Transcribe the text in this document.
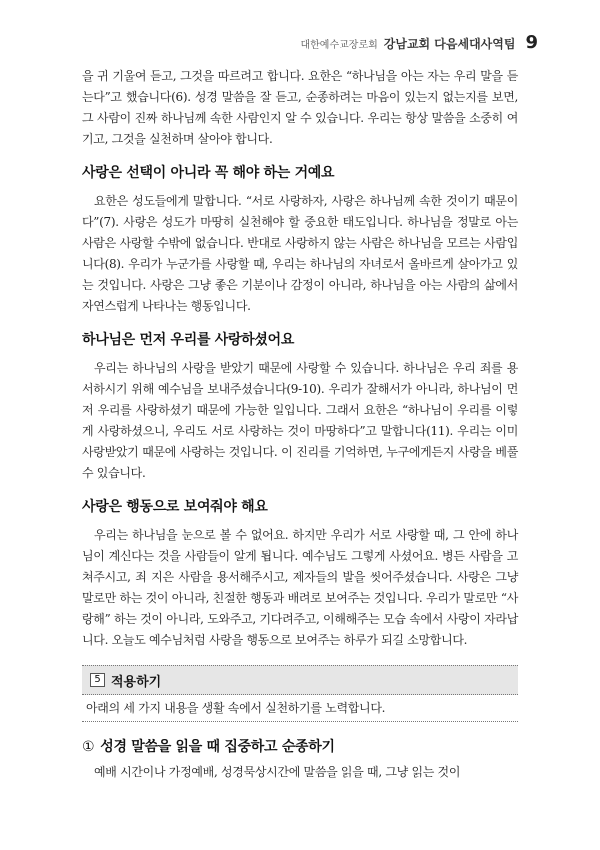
대한예수교장로회 강남교회 다음세대사역팀 9

을 귀 기울여 듣고, 그것을 따르려고 합니다. 요한은 “하나님을 아는 자는 우리 말을 듣는다”고 했습니다(6). 성경 말씀을 잘 듣고, 순종하려는 마음이 있는지 없는지를 보면, 그 사람이 진짜 하나님께 속한 사람인지 알 수 있습니다. 우리는 항상 말씀을 소중히 여기고, 그것을 실천하며 살아야 합니다.

사랑은 선택이 아니라 꼭 해야 하는 거예요

요한은 성도들에게 말합니다. “서로 사랑하자, 사랑은 하나님께 속한 것이기 때문이다”(7). 사랑은 성도가 마땅히 실천해야 할 중요한 태도입니다. 하나님을 정말로 아는 사람은 사랑할 수밖에 없습니다. 반대로 사랑하지 않는 사람은 하나님을 모르는 사람입니다(8). 우리가 누군가를 사랑할 때, 우리는 하나님의 자녀로서 올바르게 살아가고 있는 것입니다. 사랑은 그냥 좋은 기분이나 감정이 아니라, 하나님을 아는 사람의 삶에서 자연스럽게 나타나는 행동입니다.

하나님은 먼저 우리를 사랑하셨어요

우리는 하나님의 사랑을 받았기 때문에 사랑할 수 있습니다. 하나님은 우리 죄를 용서하시기 위해 예수님을 보내주셨습니다(9-10). 우리가 잘해서가 아니라, 하나님이 먼저 우리를 사랑하셨기 때문에 가능한 일입니다. 그래서 요한은 “하나님이 우리를 이렇게 사랑하셨으니, 우리도 서로 사랑하는 것이 마땅하다”고 말합니다(11). 우리는 이미 사랑받았기 때문에 사랑하는 것입니다. 이 진리를 기억하면, 누구에게든지 사랑을 베풀 수 있습니다.

사랑은 행동으로 보여줘야 해요

우리는 하나님을 눈으로 볼 수 없어요. 하지만 우리가 서로 사랑할 때, 그 안에 하나님이 계신다는 것을 사람들이 알게 됩니다. 예수님도 그렇게 사셨어요. 병든 사람을 고쳐주시고, 죄 지은 사람을 용서해주시고, 제자들의 발을 씻어주셨습니다. 사랑은 그냥 말로만 하는 것이 아니라, 친절한 행동과 배려로 보여주는 것입니다. 우리가 말로만 “사랑해” 하는 것이 아니라, 도와주고, 기다려주고, 이해해주는 모습 속에서 사랑이 자라납니다. 오늘도 예수님처럼 사랑을 행동으로 보여주는 하루가 되길 소망합니다.

5 적용하기
아래의 세 가지 내용을 생활 속에서 실천하기를 노력합니다.
① 성경 말씀을 읽을 때 집중하고 순종하기

예배 시간이나 가정예배, 성경묵상시간에 말씀을 읽을 때, 그냥 읽는 것이
